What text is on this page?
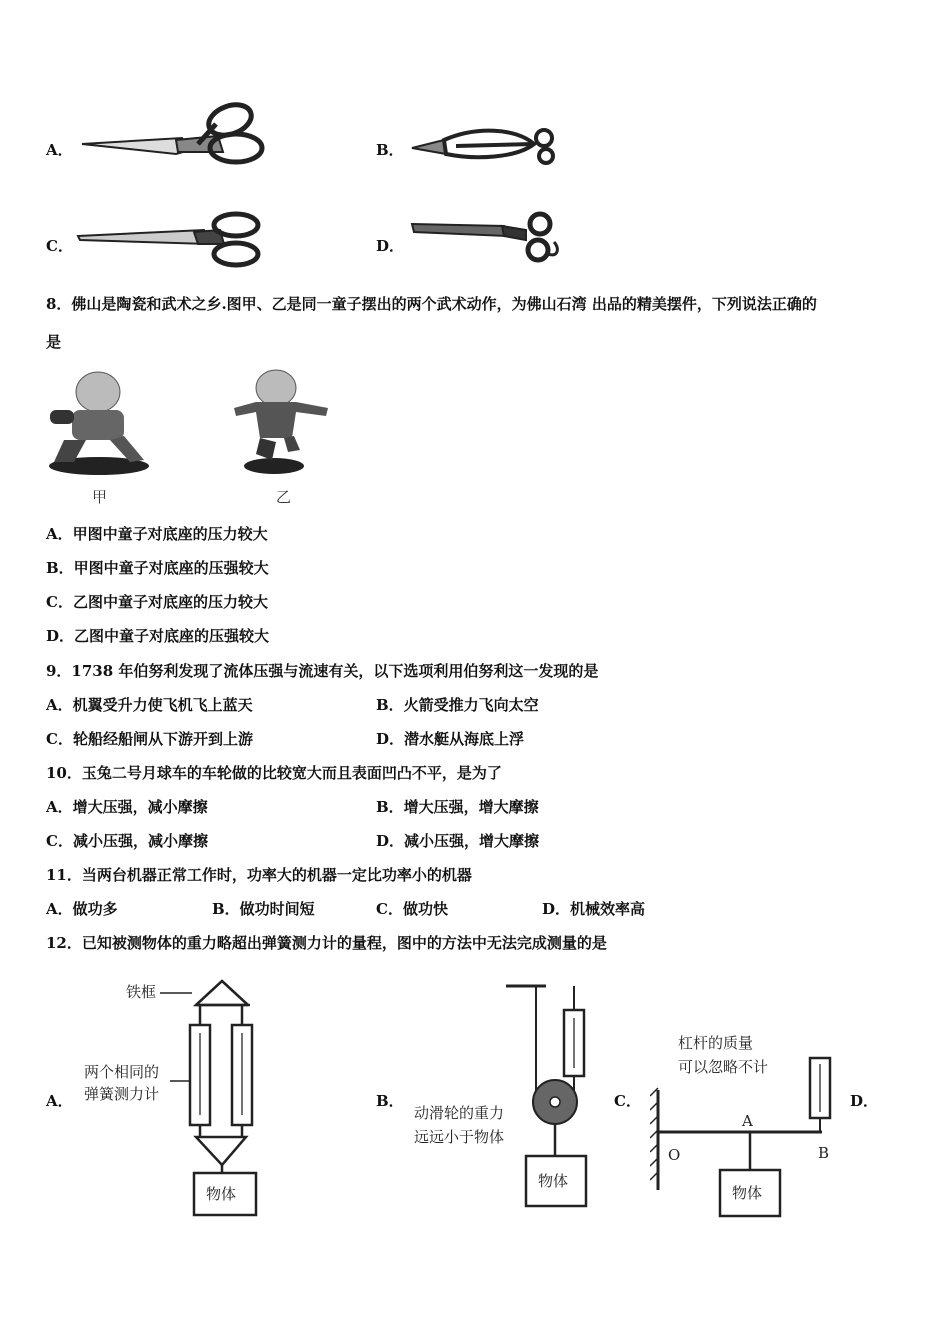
A．	B．
C．	D．
8．佛山是陶瓷和武术之乡.图甲、乙是同一童子摆出的两个武术动作，为佛山石湾 出品的精美摆件，下列说法正确的
是
甲	乙
A．甲图中童子对底座的压力较大
B．甲图中童子对底座的压强较大
C．乙图中童子对底座的压力较大
D．乙图中童子对底座的压强较大
9．1738 年伯努利发现了流体压强与流速有关，以下选项利用伯努利这一发现的是
A．机翼受升力使飞机飞上蓝天	B．火箭受推力飞向太空
C．轮船经船闸从下游开到上游	D．潜水艇从海底上浮
10．玉兔二号月球车的车轮做的比较宽大而且表面凹凸不平，是为了
A．增大压强，减小摩擦	B．增大压强，增大摩擦
C．减小压强，减小摩擦	D．减小压强，增大摩擦
11．当两台机器正常工作时，功率大的机器一定比功率小的机器
A．做功多	B．做功时间短	C．做功快	D．机械效率高
12．已知被测物体的重力略超出弹簧测力计的量程，图中的方法中无法完成测量的是
A．
铁框
两个相同的
弹簧测力计
物体
B．
动滑轮的重力
远远小于物体
物体
C．
杠杆的质量
可以忽略不计
A
B
O
物体
D．
